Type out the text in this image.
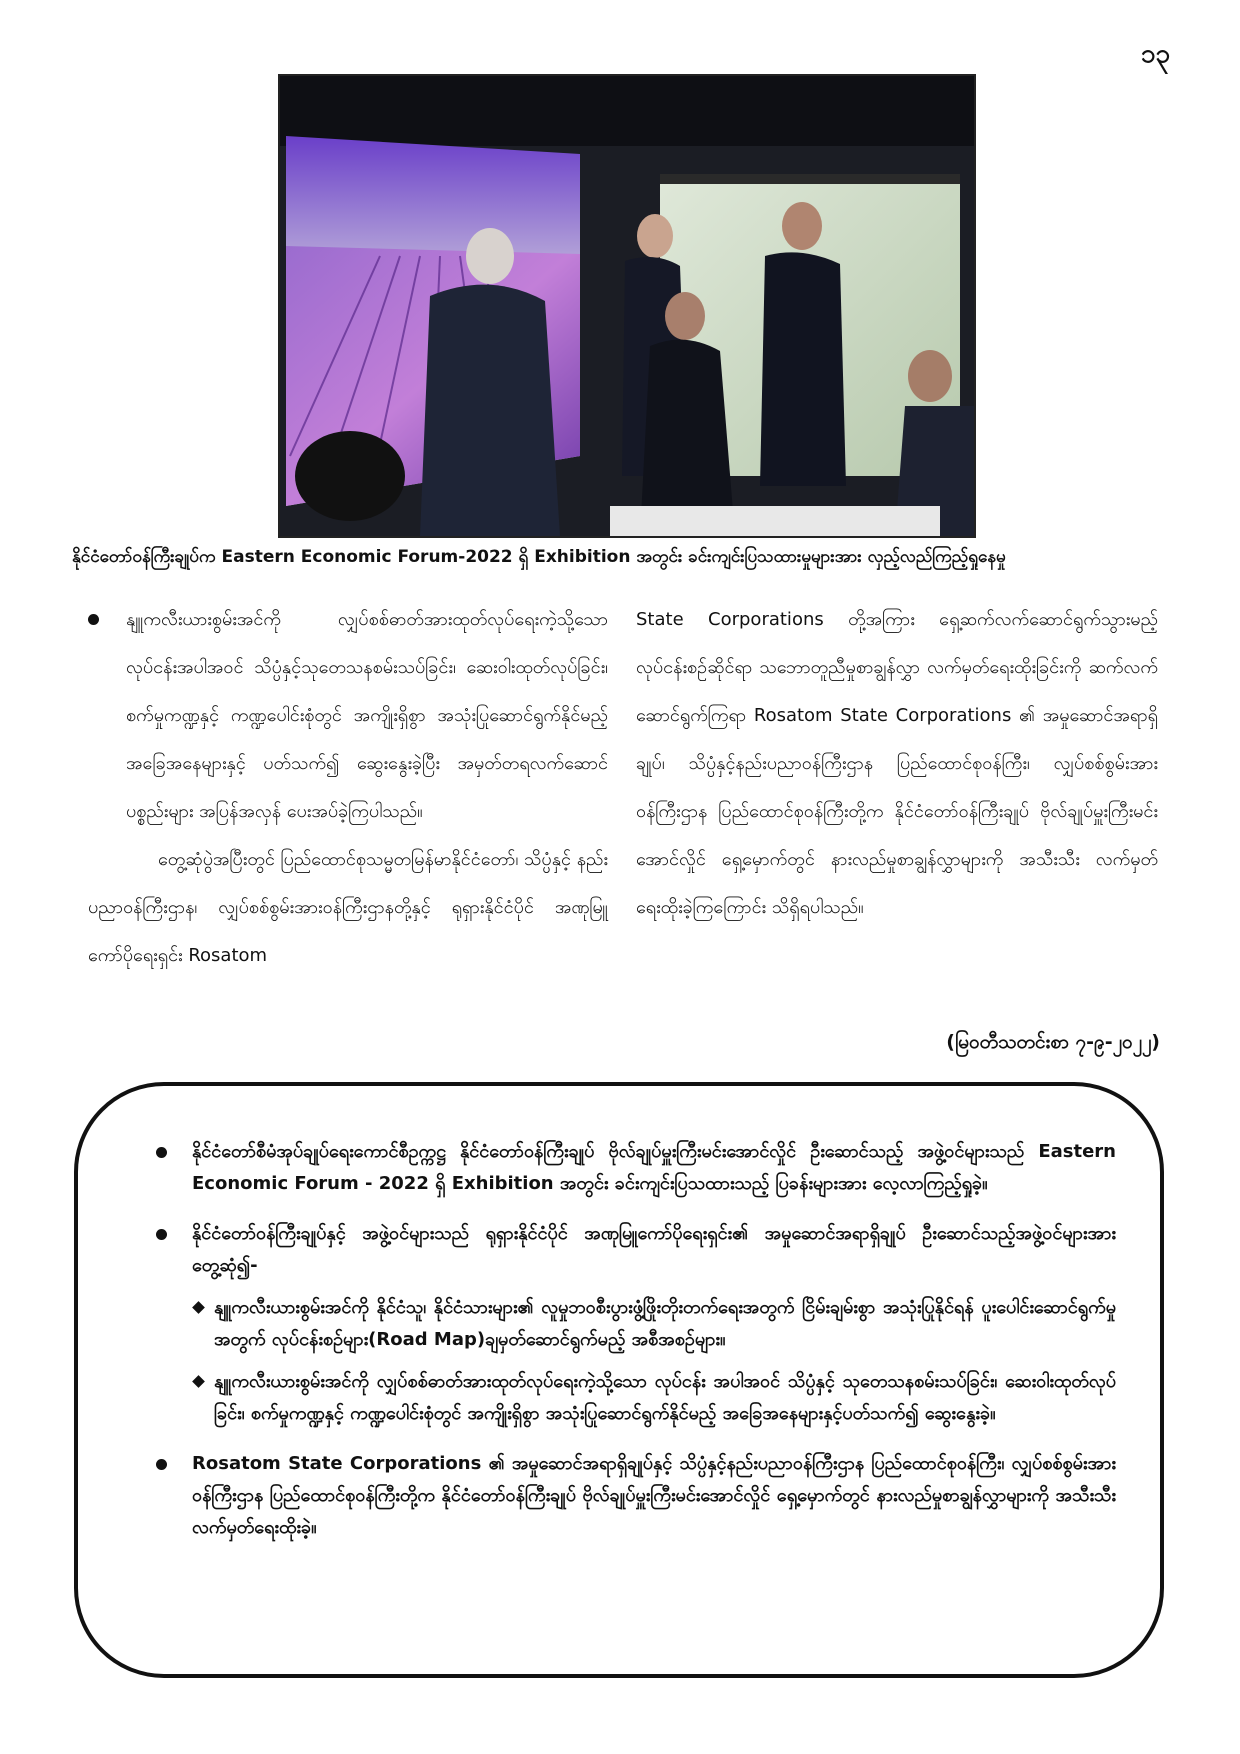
၁၃
နိုင်ငံတော်ဝန်ကြီးချုပ်က Eastern Economic Forum-2022 ရှိ Exhibition အတွင်း ခင်းကျင်းပြသထားမှုများအား လှည့်လည်ကြည့်ရှုနေမှု

နျူကလီးယားစွမ်းအင်ကို လျှပ်စစ်ဓာတ်အားထုတ်လုပ်ရေးကဲ့သို့သော လုပ်ငန်းအပါအဝင် သိပ္ပံနှင့်သုတေသနစမ်းသပ်ခြင်း၊ ဆေးဝါးထုတ်လုပ်ခြင်း၊ စက်မှုကဏ္ဍနှင့် ကဏ္ဍပေါင်းစုံတွင် အကျိုးရှိစွာ အသုံးပြုဆောင်ရွက်နိုင်မည့်အခြေအနေများနှင့် ပတ်သက်၍ ဆွေးနွေးခဲ့ပြီး အမှတ်တရလက်ဆောင်ပစ္စည်းများ အပြန်အလှန် ပေးအပ်ခဲ့ကြပါသည်။

တွေ့ဆုံပွဲအပြီးတွင် ပြည်ထောင်စုသမ္မတမြန်မာနိုင်ငံတော်၊ သိပ္ပံနှင့် နည်းပညာဝန်ကြီးဌာန၊ လျှပ်စစ်စွမ်းအားဝန်ကြီးဌာနတို့နှင့် ရုရှားနိုင်ငံပိုင် အဏုမြူကော်ပိုရေးရှင်း Rosatom

State Corporations တို့အကြား ရှေ့ဆက်လက်ဆောင်ရွက်သွားမည့် လုပ်ငန်းစဉ်ဆိုင်ရာ သဘောတူညီမှုစာချွန်လွှာ လက်မှတ်ရေးထိုးခြင်းကို ဆက်လက်ဆောင်ရွက်ကြရာ Rosatom State Corporations ၏ အမှုဆောင်အရာရှိချုပ်၊ သိပ္ပံနှင့်နည်းပညာဝန်ကြီးဌာန ပြည်ထောင်စုဝန်ကြီး၊ လျှပ်စစ်စွမ်းအားဝန်ကြီးဌာန ပြည်ထောင်စုဝန်ကြီးတို့က နိုင်ငံတော်ဝန်ကြီးချုပ် ဗိုလ်ချုပ်မှူးကြီးမင်းအောင်လှိုင် ရှေ့မှောက်တွင် နားလည်မှုစာချွန်လွှာများကို အသီးသီး လက်မှတ်ရေးထိုးခဲ့ကြကြောင်း သိရှိရပါသည်။

(မြဝတီသတင်းစာ ၇-၉-၂၀၂၂)
နိုင်ငံတော်စီမံအုပ်ချုပ်ရေးကောင်စီဥက္ကဋ္ဌ နိုင်ငံတော်ဝန်ကြီးချုပ် ဗိုလ်ချုပ်မှူးကြီးမင်းအောင်လှိုင် ဦးဆောင်သည့် အဖွဲ့ဝင်များသည် Eastern Economic Forum - 2022 ရှိ Exhibition အတွင်း ခင်းကျင်းပြသထားသည့် ပြခန်းများအား လေ့လာကြည့်ရှုခဲ့။
နိုင်ငံတော်ဝန်ကြီးချုပ်နှင့် အဖွဲ့ဝင်များသည် ရုရှားနိုင်ငံပိုင် အဏုမြူကော်ပိုရေးရှင်း၏ အမှုဆောင်အရာရှိချုပ် ဦးဆောင်သည့်အဖွဲ့ဝင်များအား တွေ့ဆုံ၍-
နျူကလီးယားစွမ်းအင်ကို နိုင်ငံသူ၊ နိုင်ငံသားများ၏ လူမှုဘဝစီးပွားဖွံ့ဖြိုးတိုးတက်ရေးအတွက် ငြိမ်းချမ်းစွာ အသုံးပြုနိုင်ရန် ပူးပေါင်းဆောင်ရွက်မှုအတွက် လုပ်ငန်းစဉ်များ(Road Map)ချမှတ်ဆောင်ရွက်မည့် အစီအစဉ်များ။
နျူကလီးယားစွမ်းအင်ကို လျှပ်စစ်ဓာတ်အားထုတ်လုပ်ရေးကဲ့သို့သော လုပ်ငန်း အပါအဝင် သိပ္ပံနှင့် သုတေသနစမ်းသပ်ခြင်း၊ ဆေးဝါးထုတ်လုပ်ခြင်း၊ စက်မှုကဏ္ဍနှင့် ကဏ္ဍပေါင်းစုံတွင် အကျိုးရှိစွာ အသုံးပြုဆောင်ရွက်နိုင်မည့် အခြေအနေများနှင့်ပတ်သက်၍ ဆွေးနွေးခဲ့။
Rosatom State Corporations ၏ အမှုဆောင်အရာရှိချုပ်နှင့် သိပ္ပံနှင့်နည်းပညာဝန်ကြီးဌာန ပြည်ထောင်စုဝန်ကြီး၊ လျှပ်စစ်စွမ်းအားဝန်ကြီးဌာန ပြည်ထောင်စုဝန်ကြီးတို့က နိုင်ငံတော်ဝန်ကြီးချုပ် ဗိုလ်ချုပ်မှူးကြီးမင်းအောင်လှိုင် ရှေ့မှောက်တွင် နားလည်မှုစာချွန်လွှာများကို အသီးသီးလက်မှတ်ရေးထိုးခဲ့။
